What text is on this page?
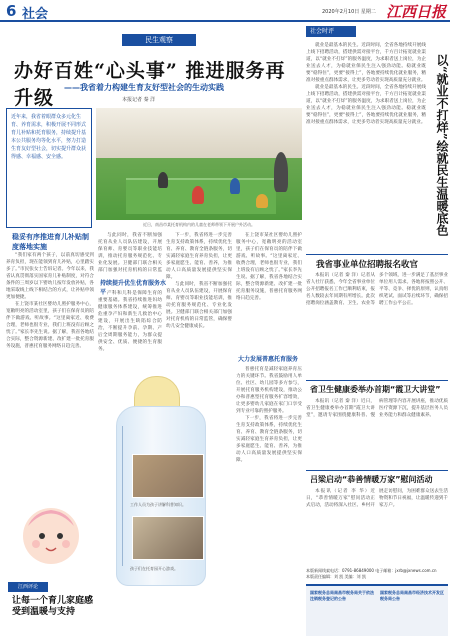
6 社会	2020年2月10日 星期二 江西日报
民生观察
办好百姓“心头事” 推进服务再升级	——我省着力构建生育友好型社会的生动实践
本报记者 秦 洋
近年来，我省着眼群众多元化生育、养育需求，积极开展不同形式育儿补贴和托育服务，持续提升基本公共服务均等化水平，努力打造生育友好型社会，切实提升群众获得感、幸福感、安全感。
近日，南昌市某托育机构内的儿童在老师带领下开展户外活动。
稳妥有序推进育儿补贴制度落地实施

“我们家有两个孩子，以前真切感受到养育负担，现在能领到育儿补贴，心里踏实多了。”市民张女士告诉记者。今年以来，我省认真贯彻落实国家育儿补贴制度，对符合条件的三周岁以下婴幼儿按年发放补贴，各地采取线上线下相结合的方式，让补贴申领更加便捷。

在上饶市某社区婴幼儿照护服务中心，宽敞明亮的活动室里，孩子们在保育员的陪伴下做游戏、听故事。“这里离家近、收费合理，老师也很专业，我们上班没有后顾之忧了。”家长李先生说。据了解，我省各地结合实际，整合资源新建、改扩建一批托育服务设施，普惠托育服务网络日趋完善。

与此同时，我省不断加强托育从业人员队伍建设，开展保育师、育婴员等职业技能培训，推动托育服务规范化、专业化发展。卫健部门联合相关部门加强对托育机构的日常监

持续提升优生优育服务水平 产科和儿科是保障生育的重要基础。我省持续推进妇幼健康服务体系建设，统筹推进危重孕产妇和新生儿救治中心建设，开展出生缺陷综合防治，不断提升孕前、孕期、产后全周期服务能力，为群众提供安全、优质、便捷的生育服务。

下一步，我省将进一步完善生育支持政策体系，持续优化生育、养育、教育全链条服务，切实减轻家庭生育养育负担，让更多家庭愿生、能育、善养，为推动人口高质量发展提供坚实保障。

与此同时，我省不断加强托育从业人员队伍建设，开展保育师、育婴员等职业技能培训，推动托育服务规范化、专业化发展。卫健部门联合相关部门加强对托育机构的日常监管，确保婴幼儿安全健康成长。

在上饶市某社区婴幼儿照护服务中心，宽敞明亮的活动室里，孩子们在保育员的陪伴下做游戏、听故事。“这里离家近、收费合理，老师也很专业，我们上班没有后顾之忧了。”家长李先生说。据了解，我省各地结合实际，整合资源新建、改扩建一批托育服务设施，普惠托育服务网络日趋完善。

大力发展普惠托育服务

普惠托育是减轻家庭养育压力的关键环节。我省鼓励用人单位、社区、幼儿园等多方参与，开展托育服务机构建设，推动公办和普惠型托育服务扩容增效，让更多婴幼儿家庭在家门口享受到专业可靠的照护服务。

下一步，我省将进一步完善生育支持政策体系，持续优化生育、养育、教育全链条服务，切实减轻家庭生育养育负担，让更多家庭愿生、能育、善养，为推动人口高质量发展提供坚实保障。

工作人员为孩子讲解科普知识。
孩子们在托育园开心游戏。
江西评论
让每一个育儿家庭感受到温暖与支持
社会时评
以“就业不打烊”绘就民生温暖底色

就业是最基本的民生。近段时间，全省各地持续开展线上线下招聘活动，搭建供需对接平台，千方百计拓宽就业渠道，以“就业不打烊”的服务温度，为求职者送上岗位，为企业送去人才，为稳就业保民生注入强劲动能。稳就业既要“稳得住”，更要“接得上”，各地要持续优化就业服务，精准对接重点群体需求，让更多劳动者实现高质量充分就业。

就业是最基本的民生。近段时间，全省各地持续开展线上线下招聘活动，搭建供需对接平台，千方百计拓宽就业渠道，以“就业不打烊”的服务温度，为求职者送上岗位，为企业送去人才，为稳就业保民生注入强劲动能。稳就业既要“稳得住”，更要“接得上”，各地要持续优化就业服务，精准对接重点群体需求，让更多劳动者实现高质量充分就业。

我省事业单位招聘报名收官

本报讯（记者 秦 洋）记者从省人社厅获悉，今年全省事业单位公开招聘报名工作已顺利结束，报名人数较去年同期有所增长。此次招聘岗位涵盖教育、卫生、农业等多个领域，进一步满足了基层事业单位用人需求。各地将按照公开、平等、竞争、择优的原则，认真组织笔试、面试等后续环节，确保招聘工作公平公正。

省卫生健康委举办首期“霞卫大讲堂”

本报讯（记者 秦 洋）近日，省卫生健康委举办首期“霞卫大讲堂”，邀请专家围绕健康科普、慢病管理等内容开展讲座，推动优质医疗资源下沉，提升基层医务人员业务能力和群众健康素养。

吕梁启动“恭善情暖万家”慰问活动

本报讯（记者 李 华）近日，“恭善情暖万家”慰问活动正式启动，活动将深入社区、乡村开展走访慰问，为困难群众送去生活物资和节日祝福，让温暖传递到千家万户。

本版新闻线索电话：0791-86849000 电子邮箱：jxrb@jxnews.com.cn
本版责任编辑：刘 凯 美编：刘 凯
国家税务总局南昌市税务局关于依法注销税务登记的公告
国家税务总局南昌市经济技术开发区税务局公告
